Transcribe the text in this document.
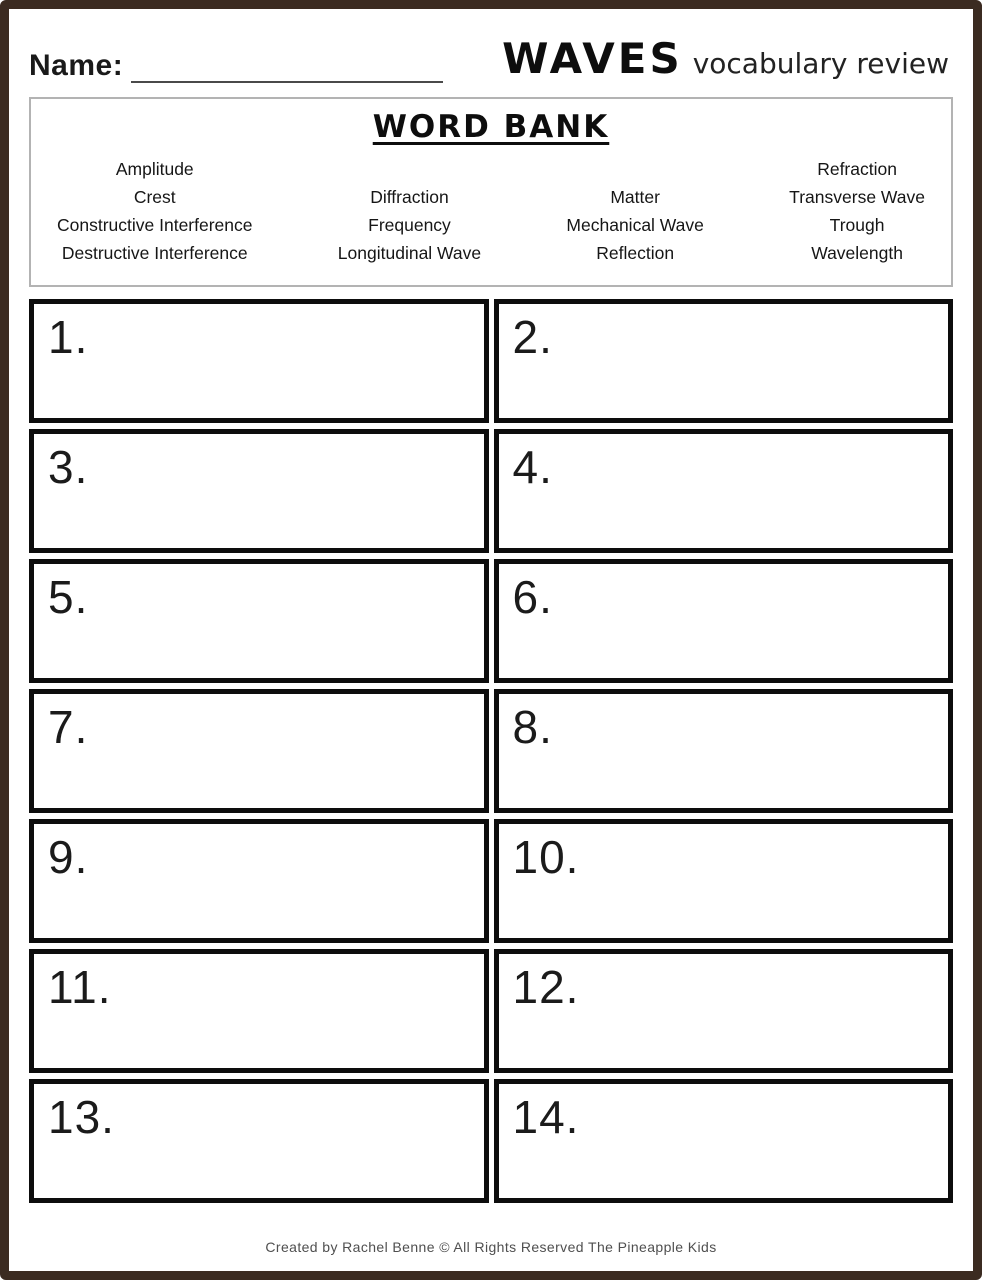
Name:	WAVES vocabulary review
WORD BANK
Amplitude
Crest
Constructive Interference
Destructive Interference
Diffraction
Frequency
Longitudinal Wave
Matter
Mechanical Wave
Reflection
Refraction
Transverse Wave
Trough
Wavelength
1.	2.
3.	4.
5.	6.
7.	8.
9.	10.
11.	12.
13.	14.
Created by Rachel Benne © All Rights Reserved The Pineapple Kids
